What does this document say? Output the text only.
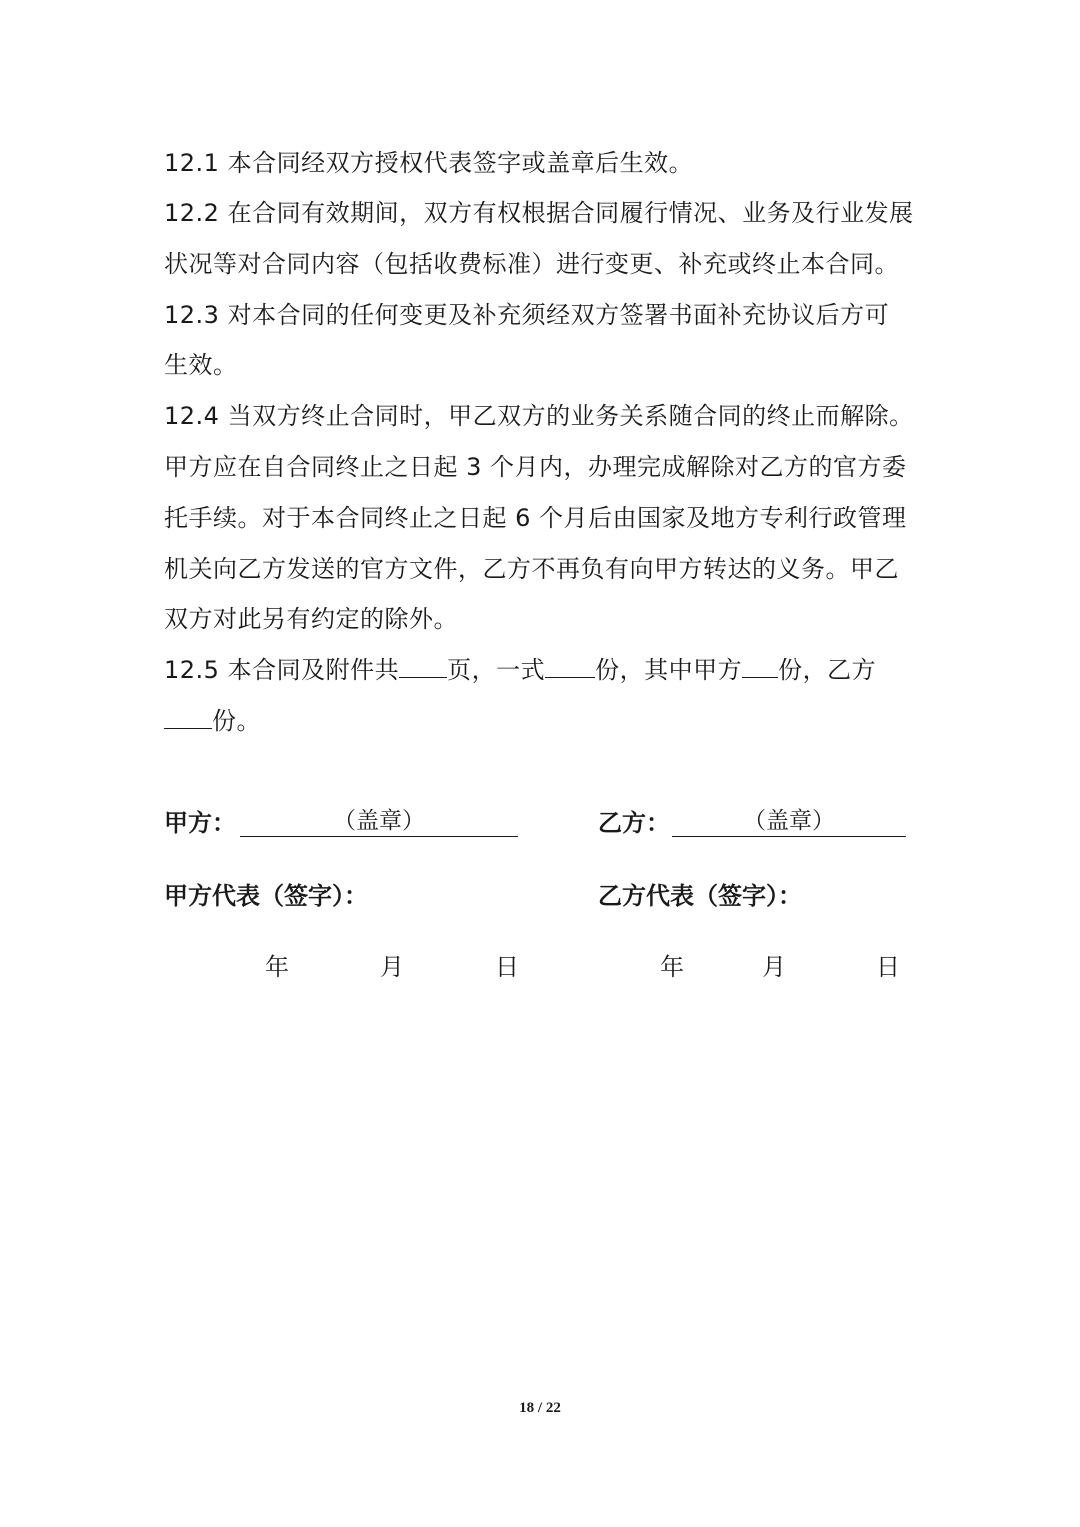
12.1 本合同经双方授权代表签字或盖章后生效。
12.2 在合同有效期间，双方有权根据合同履行情况、业务及行业发展
状况等对合同内容（包括收费标准）进行变更、补充或终止本合同。
12.3 对本合同的任何变更及补充须经双方签署书面补充协议后方可
生效。
12.4 当双方终止合同时，甲乙双方的业务关系随合同的终止而解除。
甲方应在自合同终止之日起 3 个月内，办理完成解除对乙方的官方委
托手续。对于本合同终止之日起 6 个月后由国家及地方专利行政管理
机关向乙方发送的官方文件，乙方不再负有向甲方转达的义务。甲乙
双方对此另有约定的除外。
12.5 本合同及附件共 页，一式 份，其中甲方 份，乙方
份。
甲方：	（盖章）	乙方：	（盖章）
甲方代表（签字）：	乙方代表（签字）：
年	月	日	年	月	日
18 / 22
